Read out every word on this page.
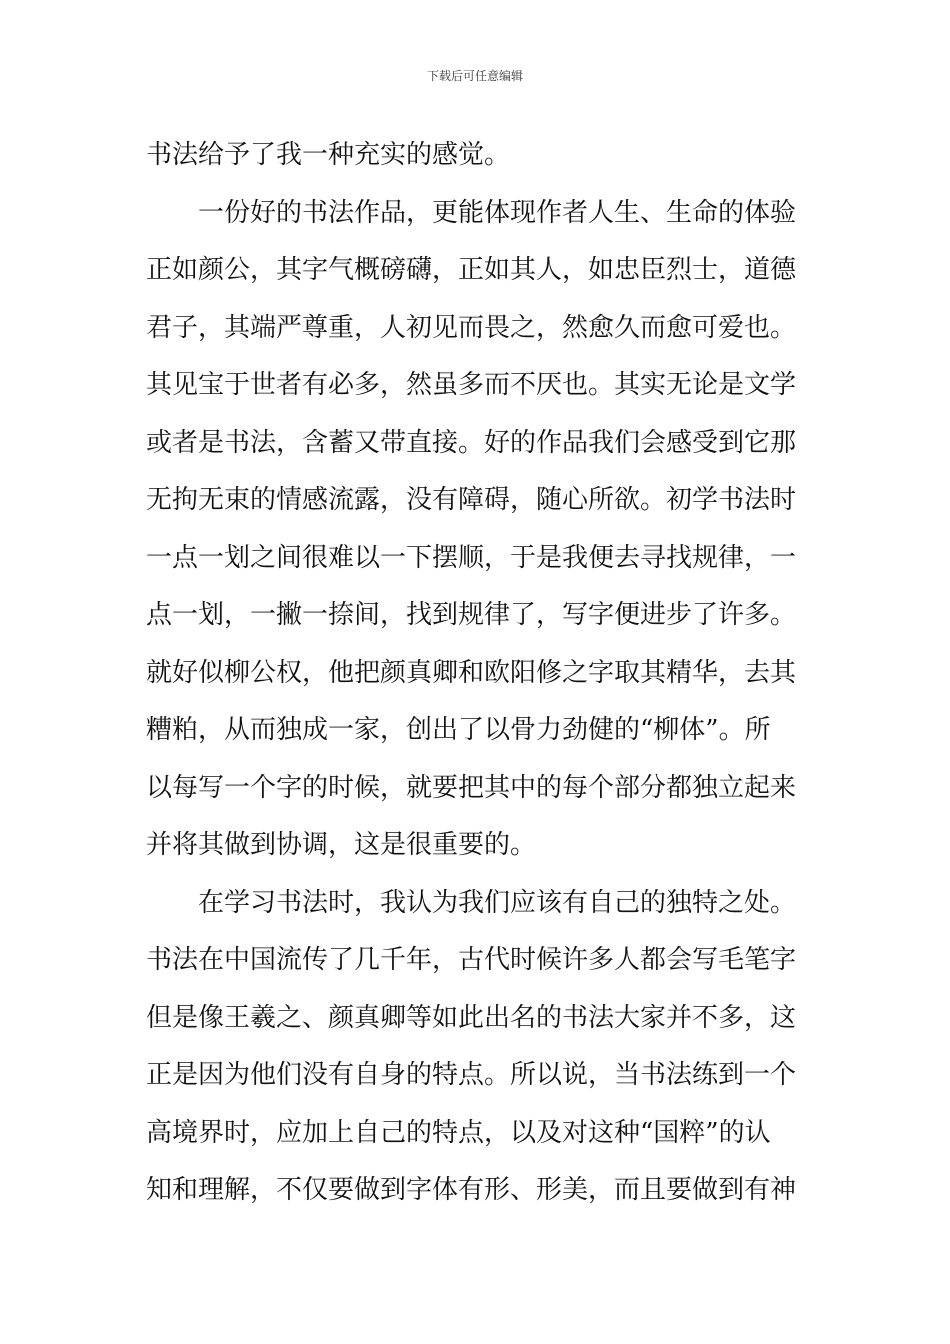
下载后可任意编辑
书法给予了我一种充实的感觉。
　　一份好的书法作品，更能体现作者人生、生命的体验
正如颜公，其字气概磅礴，正如其人，如忠臣烈士，道德
君子，其端严尊重，人初见而畏之，然愈久而愈可爱也。
其见宝于世者有必多，然虽多而不厌也。其实无论是文学
或者是书法，含蓄又带直接。好的作品我们会感受到它那
无拘无束的情感流露，没有障碍，随心所欲。初学书法时
一点一划之间很难以一下摆顺，于是我便去寻找规律，一
点一划，一撇一捺间，找到规律了，写字便进步了许多。
就好似柳公权，他把颜真卿和欧阳修之字取其精华，去其
糟粕，从而独成一家，创出了以骨力劲健的“柳体”。所
以每写一个字的时候，就要把其中的每个部分都独立起来
并将其做到协调，这是很重要的。
　　在学习书法时，我认为我们应该有自己的独特之处。
书法在中国流传了几千年，古代时候许多人都会写毛笔字
但是像王羲之、颜真卿等如此出名的书法大家并不多，这
正是因为他们没有自身的特点。所以说，当书法练到一个
高境界时，应加上自己的特点，以及对这种“国粹”的认
知和理解，不仅要做到字体有形、形美，而且要做到有神
